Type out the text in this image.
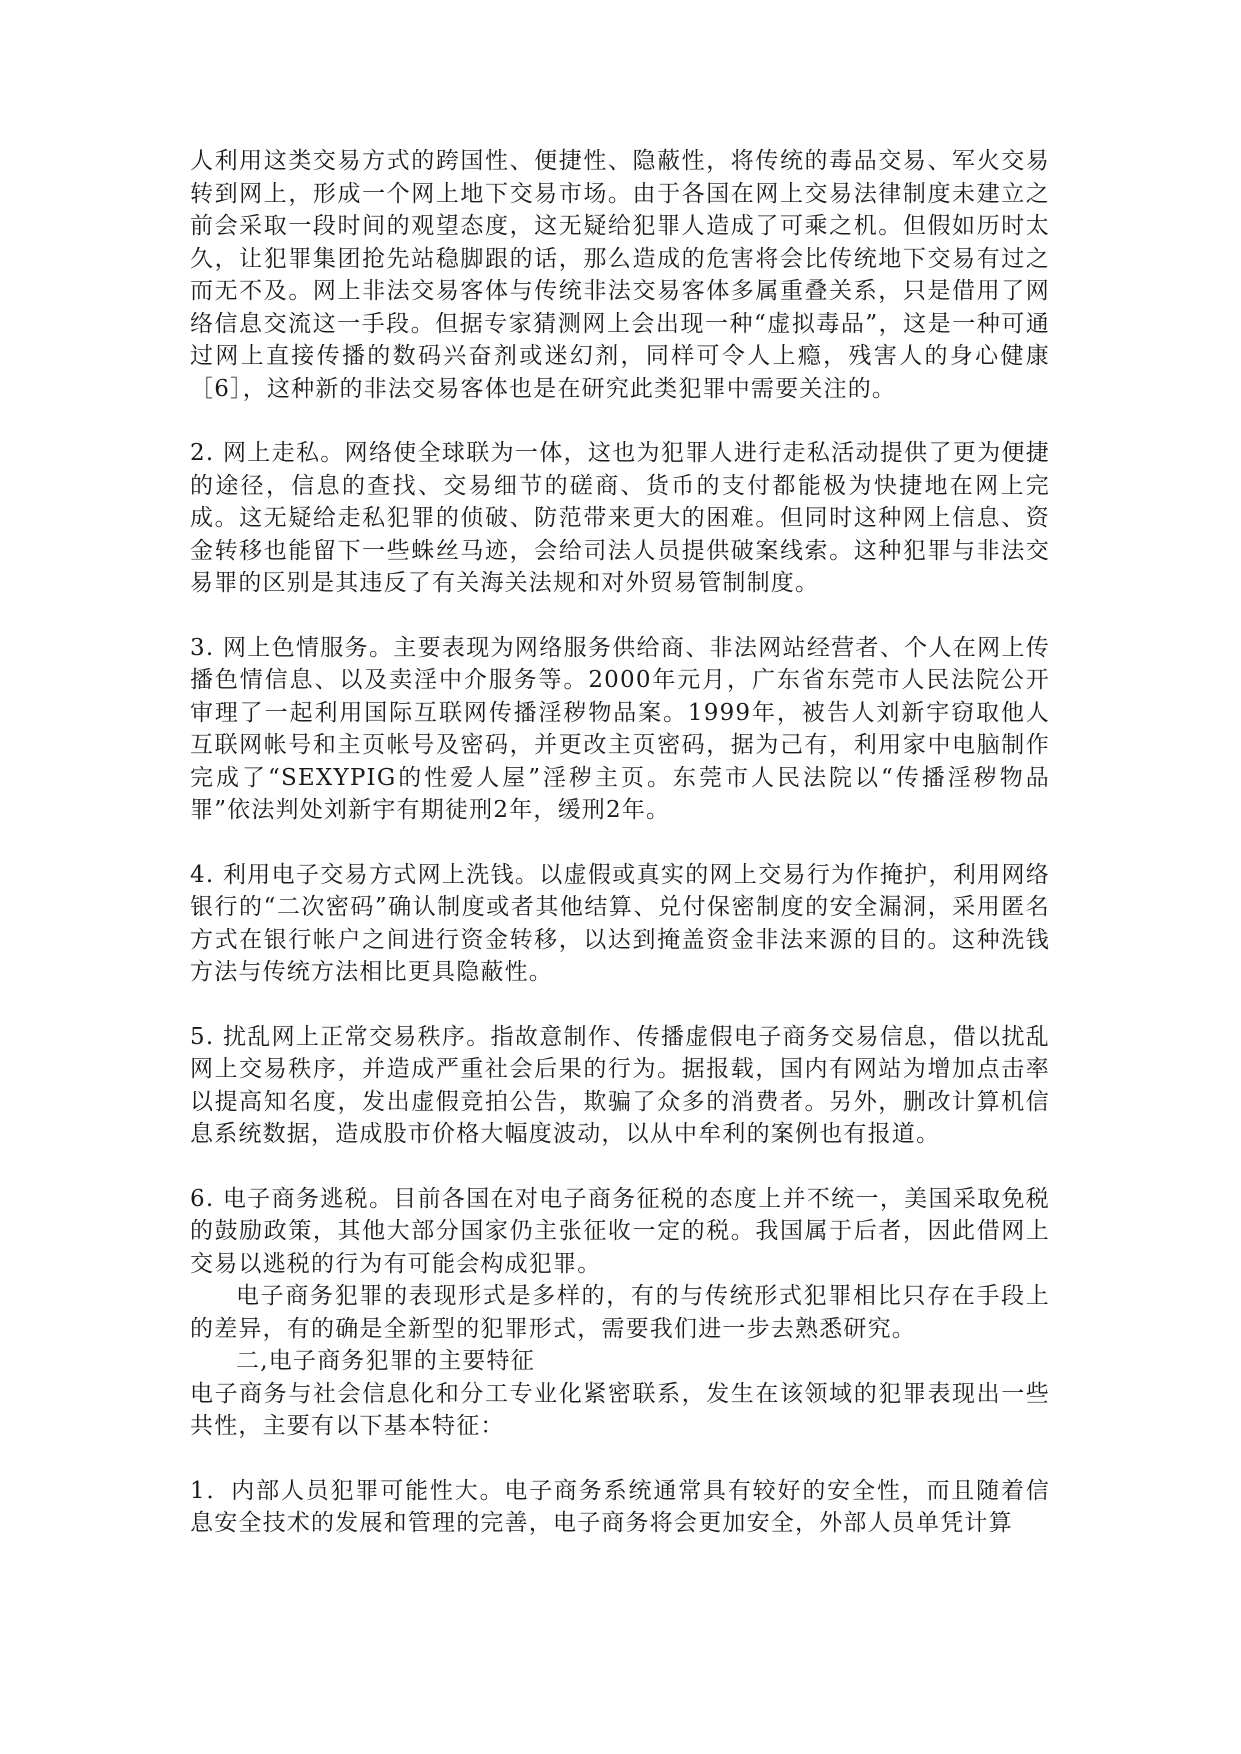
人利用这类交易方式的跨国性、便捷性、隐蔽性，将传统的毒品交易、军火交易转到网上，形成一个网上地下交易市场。由于各国在网上交易法律制度未建立之前会采取一段时间的观望态度，这无疑给犯罪人造成了可乘之机。但假如历时太久，让犯罪集团抢先站稳脚跟的话，那么造成的危害将会比传统地下交易有过之而无不及。网上非法交易客体与传统非法交易客体多属重叠关系，只是借用了网络信息交流这一手段。但据专家猜测网上会出现一种“虚拟毒品”，这是一种可通过网上直接传播的数码兴奋剂或迷幻剂，同样可令人上瘾，残害人的身心健康［6］，这种新的非法交易客体也是在研究此类犯罪中需要关注的。

2. 网上走私。网络使全球联为一体，这也为犯罪人进行走私活动提供了更为便捷的途径，信息的查找、交易细节的磋商、货币的支付都能极为快捷地在网上完成。这无疑给走私犯罪的侦破、防范带来更大的困难。但同时这种网上信息、资金转移也能留下一些蛛丝马迹，会给司法人员提供破案线索。这种犯罪与非法交易罪的区别是其违反了有关海关法规和对外贸易管制制度。

3. 网上色情服务。主要表现为网络服务供给商、非法网站经营者、个人在网上传播色情信息、以及卖淫中介服务等。2000年元月，广东省东莞市人民法院公开审理了一起利用国际互联网传播淫秽物品案。1999年，被告人刘新宇窃取他人互联网帐号和主页帐号及密码，并更改主页密码，据为己有，利用家中电脑制作完成了“SEXYPIG的性爱人屋”淫秽主页。东莞市人民法院以“传播淫秽物品罪”依法判处刘新宇有期徒刑2年，缓刑2年。

4. 利用电子交易方式网上洗钱。以虚假或真实的网上交易行为作掩护，利用网络银行的“二次密码”确认制度或者其他结算、兑付保密制度的安全漏洞，采用匿名方式在银行帐户之间进行资金转移，以达到掩盖资金非法来源的目的。这种洗钱方法与传统方法相比更具隐蔽性。

5. 扰乱网上正常交易秩序。指故意制作、传播虚假电子商务交易信息，借以扰乱网上交易秩序，并造成严重社会后果的行为。据报载，国内有网站为增加点击率以提高知名度，发出虚假竞拍公告，欺骗了众多的消费者。另外，删改计算机信息系统数据，造成股市价格大幅度波动，以从中牟利的案例也有报道。

6. 电子商务逃税。目前各国在对电子商务征税的态度上并不统一，美国采取免税的鼓励政策，其他大部分国家仍主张征收一定的税。我国属于后者，因此借网上交易以逃税的行为有可能会构成犯罪。

电子商务犯罪的表现形式是多样的，有的与传统形式犯罪相比只存在手段上的差异，有的确是全新型的犯罪形式，需要我们进一步去熟悉研究。

二,电子商务犯罪的主要特征

电子商务与社会信息化和分工专业化紧密联系，发生在该领域的犯罪表现出一些共性，主要有以下基本特征：

1．内部人员犯罪可能性大。电子商务系统通常具有较好的安全性，而且随着信息安全技术的发展和管理的完善，电子商务将会更加安全，外部人员单凭计算
